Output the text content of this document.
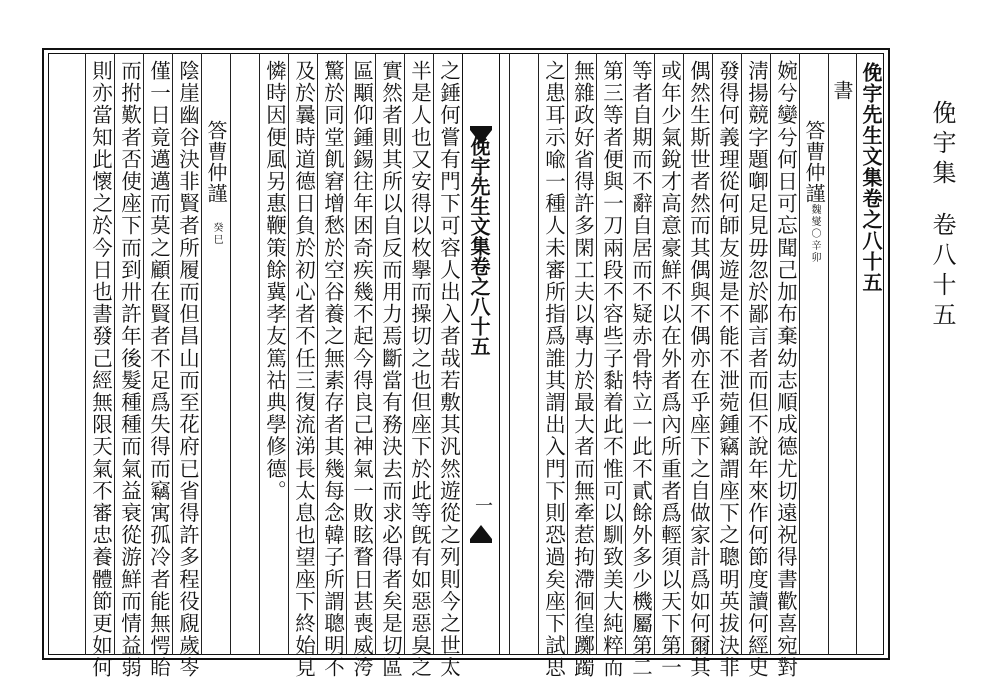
俛宇集卷八十五
俛宇先生文集卷之八十五
一
俛宇先生文集卷之八十五
書
答曹仲謹魏燮〇辛卯
婉兮孌兮何日可忘聞己加布棄幼志順成德尤切遠祝得書歡喜宛對
淸揚競字題啣足見毋忽於鄙言者而但不說年來作何節度讀何經史
發得何義理從何師友遊是不能不泄菀鍾竊謂座下之聰明英拔決非
偶然生斯世者然而其偶與不偶亦在乎座下之自做家計爲如何爾其
或年少氣銳才高意豪鮮不以在外者爲內所重者爲輕須以天下第一
等者自期而不辭自居而不疑赤骨特立一此不貳餘外多少機屬第二
第三等者便與一刀兩段不容些子黏着此不惟可以馴致美大純粹而
無雜政好省得許多閑工夫以專力於最大者而無牽惹拘滯徊徨躑躅
之患耳示喩一種人未審所指爲誰其謂出入門下則恐過矣座下試思
之錘何嘗有門下可容人出入者哉若敷其汎然遊從之列則今之世太
半是人也又安得以枚擧而操切之也但座下於此等旣有如惡惡臭之
實然者則其所以自反而用力焉斷當有務決去而求必得者矣是切區
區顒仰鍾錫往年困奇疾幾不起今得良己神氣一敗眩瞀日甚喪威洿
驚於同堂飢窘增愁於空谷養之無素存者其幾每念韓子所謂聰明不
及於曩時道德日負於初心者不任三復流涕長太息也望座下終始見
憐時因便風另惠鞭策餘冀孝友篤祜典學修德。
答曹仲謹癸巳
陰崖幽谷決非賢者所履而但昌山而至花府已省得許多程役覛歲岑
僅一日竟邁邁而莫之顧在賢者不足爲失得而竊寓孤冷者能無愕眙
而拊歎者否使座下而到卅許年後髮種種而氣益衰從游鮮而情益弱
則亦當知此懷之於今日也書發己經無限天氣不審忠養體節更如何
